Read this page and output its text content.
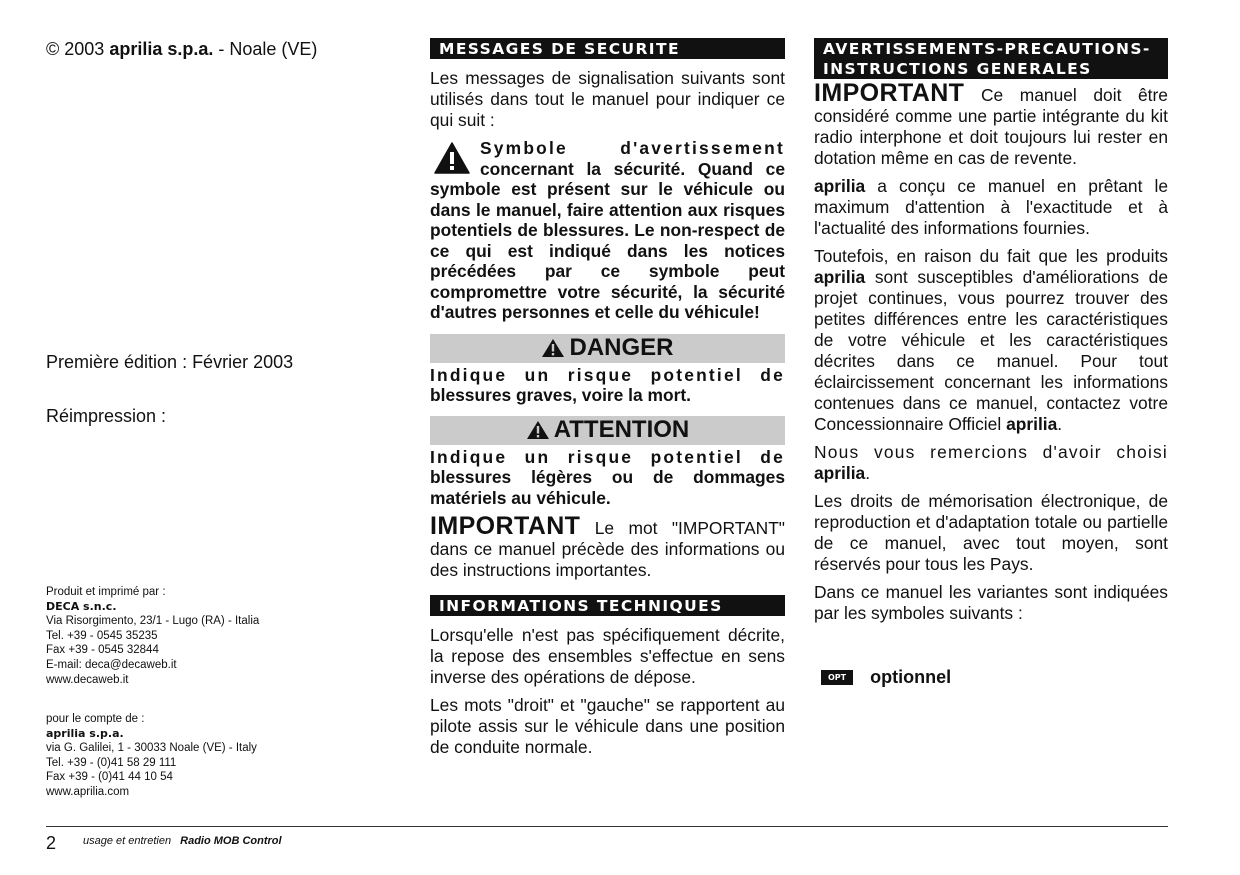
© 2003 aprilia s.p.a. - Noale (VE)

Première édition : Février 2003

Réimpression :

Produit et imprimé par :
DECA s.n.c.
Via Risorgimento, 23/1 - Lugo (RA) - Italia
Tel. +39 - 0545 35235
Fax +39 - 0545 32844
E-mail: deca@decaweb.it
www.decaweb.it
pour le compte de :
aprilia s.p.a.
via G. Galilei, 1 - 30033 Noale (VE) - Italy
Tel. +39 - (0)41 58 29 111
Fax +39 - (0)41 44 10 54
www.aprilia.com
MESSAGES DE SECURITE

Les messages de signalisation suivants sont utilisés dans tout le manuel pour indiquer ce qui suit :

Symbole d'avertissement concernant la sécurité. Quand ce symbole est présent sur le véhicule ou dans le manuel, faire attention aux risques potentiels de blessures. Le non-respect de ce qui est indiqué dans les notices précédées par ce symbole peut compromettre votre sécurité, la sécurité d'autres personnes et celle du véhicule!

DANGER

Indique un risque potentiel de blessures graves, voire la mort.

ATTENTION

Indique un risque potentiel de blessures légères ou de dommages matériels au véhicule.

IMPORTANT Le mot "IMPORTANT" dans ce manuel précède des informations ou des instructions importantes.

INFORMATIONS TECHNIQUES

Lorsqu'elle n'est pas spécifiquement décrite, la repose des ensembles s'effectue en sens inverse des opérations de dépose.

Les mots "droit" et "gauche" se rapportent au pilote assis sur le véhicule dans une position de conduite normale.

AVERTISSEMENTS-PRECAUTIONS-
INSTRUCTIONS GENERALES

IMPORTANT Ce manuel doit être considéré comme une partie intégrante du kit radio interphone et doit toujours lui rester en dotation même en cas de revente.

aprilia a conçu ce manuel en prêtant le maximum d'attention à l'exactitude et à l'actualité des informations fournies.

Toutefois, en raison du fait que les produits aprilia sont susceptibles d'améliorations de projet continues, vous pourrez trouver des petites différences entre les caractéristiques de votre véhicule et les caractéristiques décrites dans ce manuel. Pour tout éclaircissement concernant les informations contenues dans ce manuel, contactez votre Concessionnaire Officiel aprilia.

Nous vous remercions d'avoir choisi aprilia.

Les droits de mémorisation électronique, de reproduction et d'adaptation totale ou partielle de ce manuel, avec tout moyen, sont réservés pour tous les Pays.

Dans ce manuel les variantes sont indiquées par les symboles suivants :

OPT	optionnel
2 usage et entretien Radio MOB Control
